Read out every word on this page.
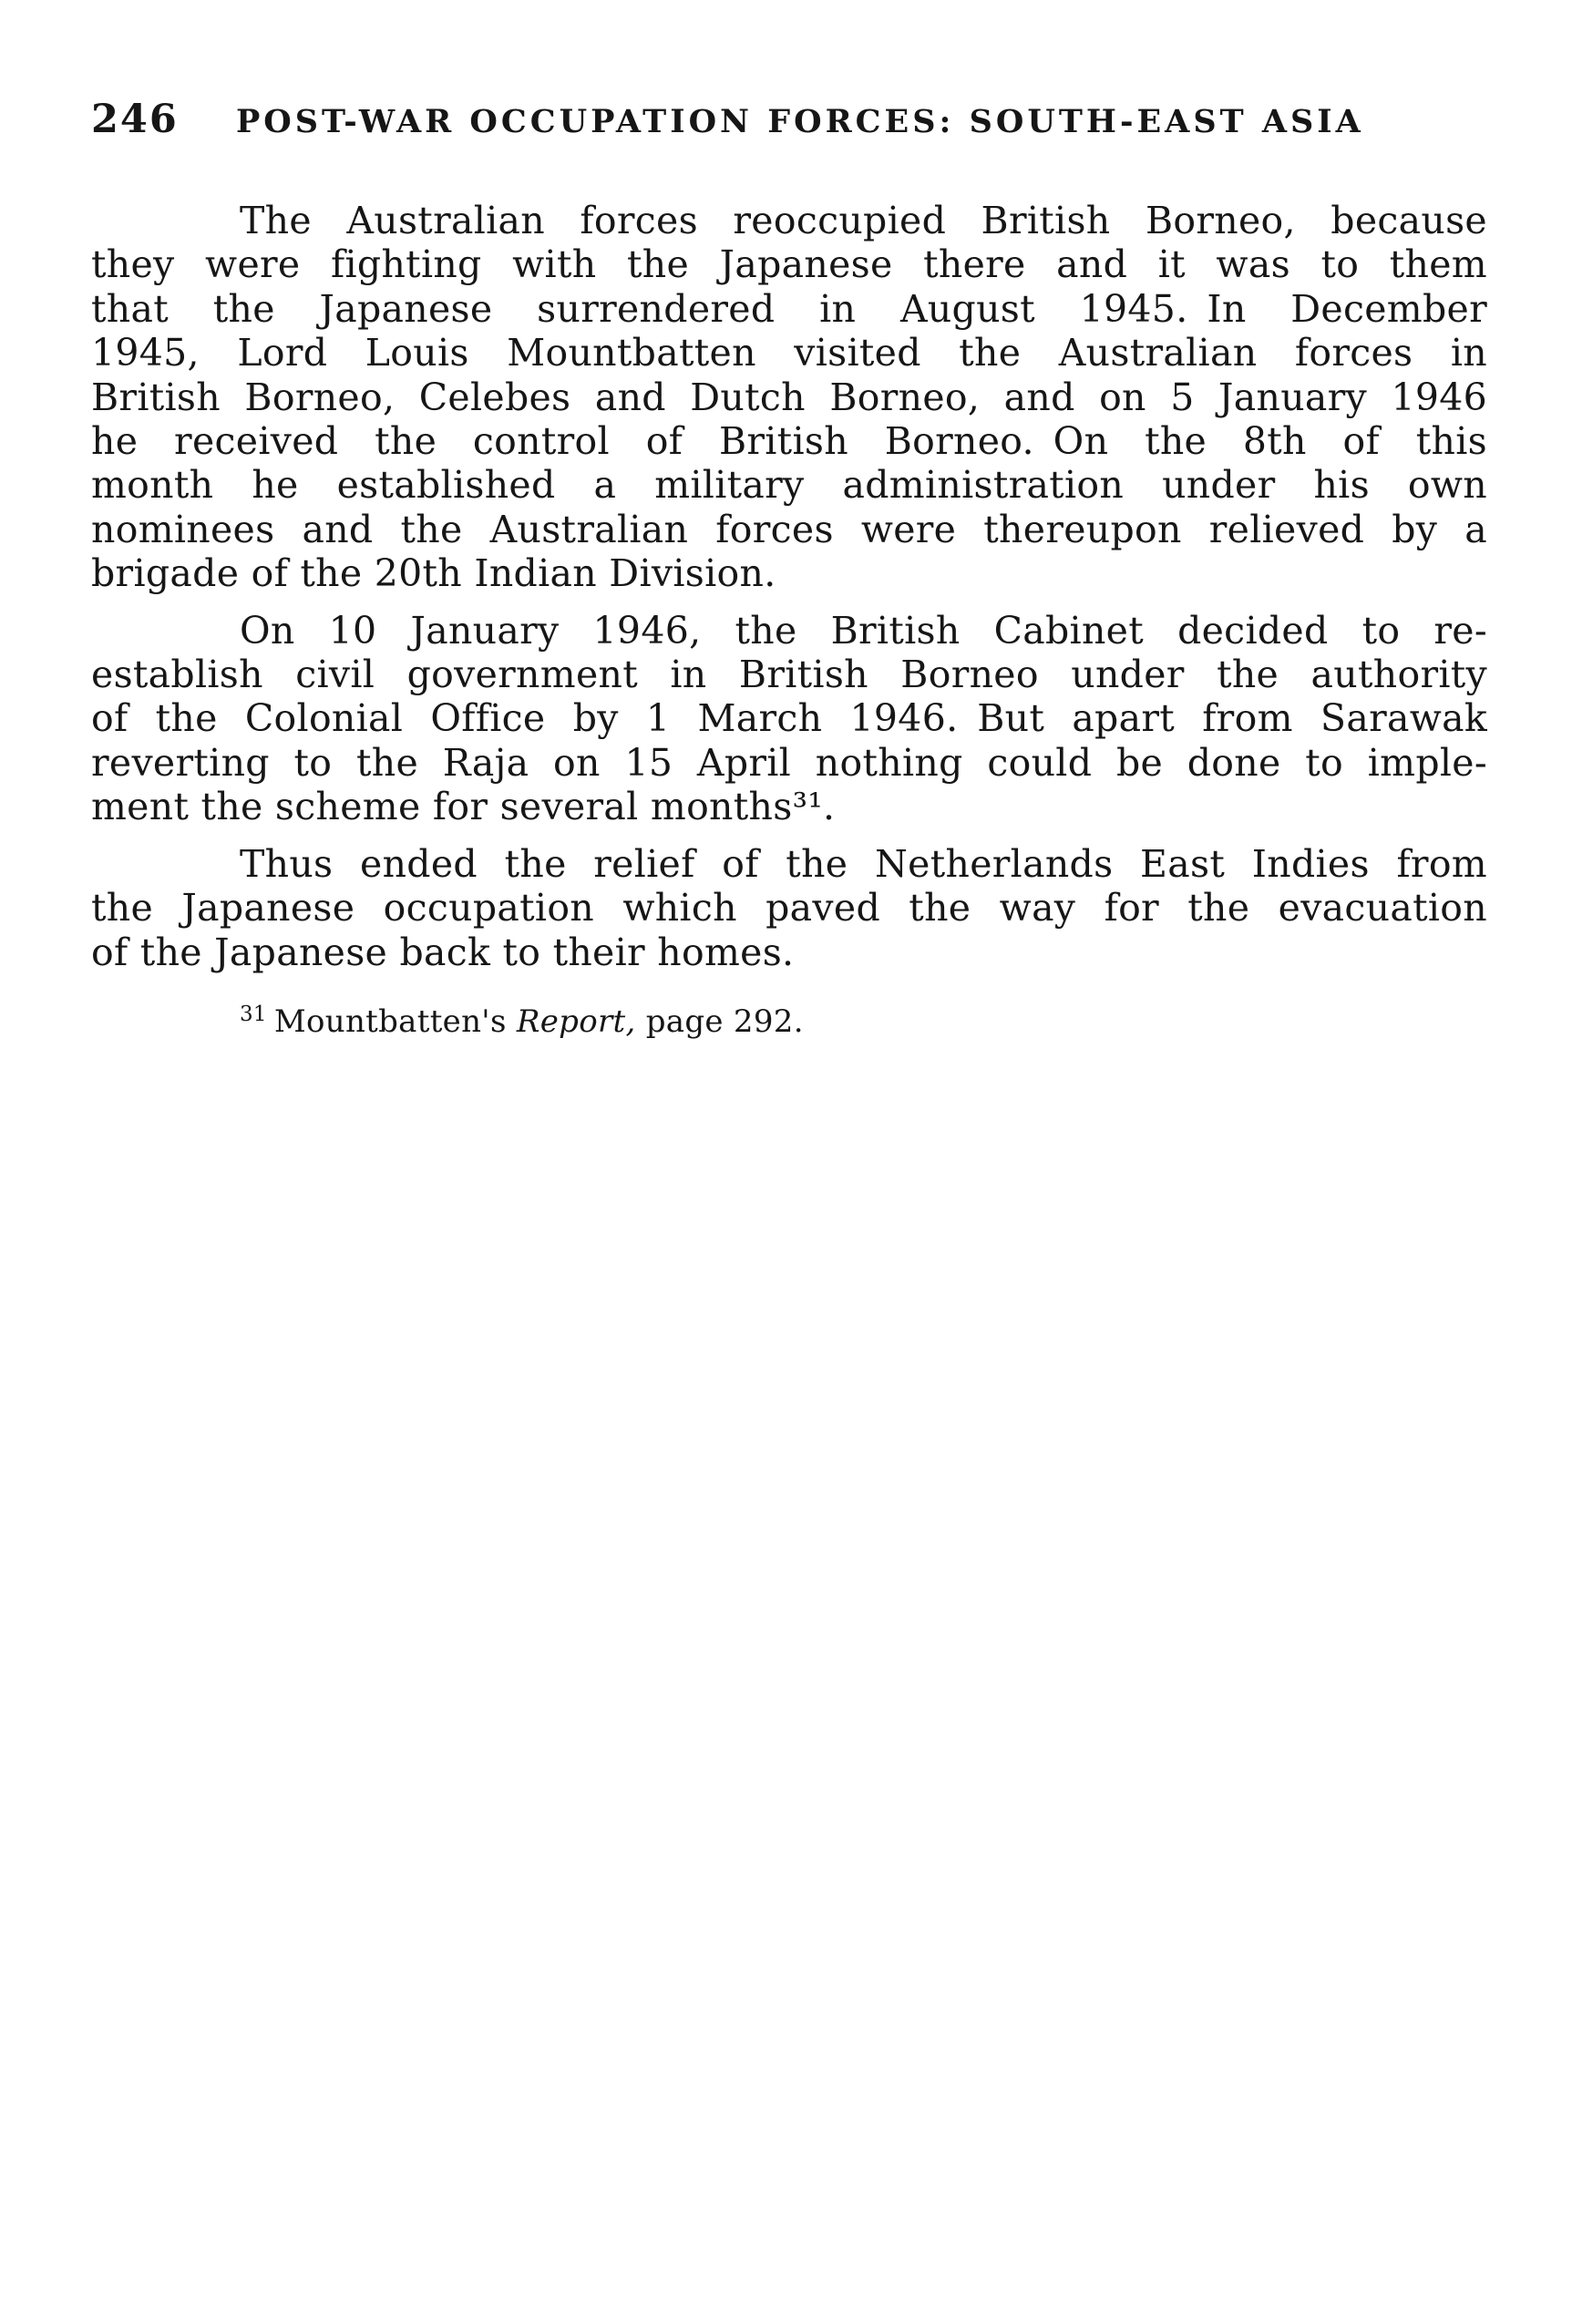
246	POST-WAR OCCUPATION FORCES: SOUTH-EAST ASIA
The Australian forces reoccupied British Borneo, because
they were fighting with the Japanese there and it was to them
that the Japanese surrendered in August 1945. In December
1945, Lord Louis Mountbatten visited the Australian forces in
British Borneo, Celebes and Dutch Borneo, and on 5 January 1946
he received the control of British Borneo. On the 8th of this
month he established a military administration under his own
nominees and the Australian forces were thereupon relieved by a
brigade of the 20th Indian Division.
On 10 January 1946, the British Cabinet decided to re-
establish civil government in British Borneo under the authority
of the Colonial Office by 1 March 1946. But apart from Sarawak
reverting to the Raja on 15 April nothing could be done to imple-
ment the scheme for several months³¹.
Thus ended the relief of the Netherlands East Indies from
the Japanese occupation which paved the way for the evacuation
of the Japanese back to their homes.
$^{31}$ Mountbatten's Report, page 292.
